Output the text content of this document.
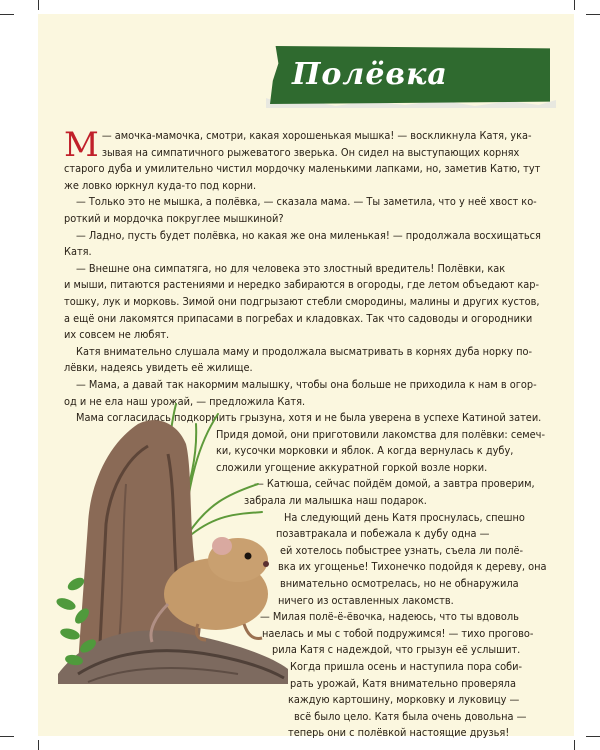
Полёвка

М — амочка-мамочка, смотри, какая хорошенькая мышка! — воскликнула Катя, ука-
зывая на симпатичного рыжеватого зверька. Он сидел на выступающих корнях

старого дуба и умилительно чистил мордочку маленькими лапками, но, заметив Катю, тут
же ловко юркнул куда-то под корни.
— Только это не мышка, а полёвка, — сказала мама. — Ты заметила, что у неё хвост ко-
роткий и мордочка покруглее мышкиной?
— Ладно, пусть будет полёвка, но какая же она миленькая! — продолжала восхищаться
Катя.
— Внешне она симпатяга, но для человека это злостный вредитель! Полёвки, как
и мыши, питаются растениями и нередко забираются в огороды, где летом объедают кар-
тошку, лук и морковь. Зимой они подгрызают стебли смородины, малины и других кустов,
а ещё они лакомятся припасами в погребах и кладовках. Так что садоводы и огородники
их совсем не любят.
Катя внимательно слушала маму и продолжала высматривать в корнях дуба норку по-
лёвки, надеясь увидеть её жилище.
— Мама, а давай так накормим малышку, чтобы она больше не приходила к нам в огор-
од и не ела наш урожай, — предложила Катя.
Мама согласилась подкормить грызуна, хотя и не была уверена в успехе Катиной затеи.
Придя домой, они приготовили лакомства для полёвки: семеч-
ки, кусочки морковки и яблок. А когда вернулась к дубу,
сложили угощение аккуратной горкой возле норки.
— Катюша, сейчас пойдём домой, а завтра проверим,
забрала ли малышка наш подарок.
На следующий день Катя проснулась, спешно
позавтракала и побежала к дубу одна —
ей хотелось побыстрее узнать, съела ли полё-
вка их угощенье! Тихонечко подойдя к дереву, она
внимательно осмотрелась, но не обнаружила
ничего из оставленных лакомств.
— Милая полё-ё-ёвочка, надеюсь, что ты вдоволь
наелась и мы с тобой подружимся! — тихо прогово-
рила Катя с надеждой, что грызун её услышит.
Когда пришла осень и наступила пора соби-
рать урожай, Катя внимательно проверяла
каждую картошину, морковку и луковицу —
всё было цело. Катя была очень довольна —
теперь они с полёвкой настоящие друзья!
